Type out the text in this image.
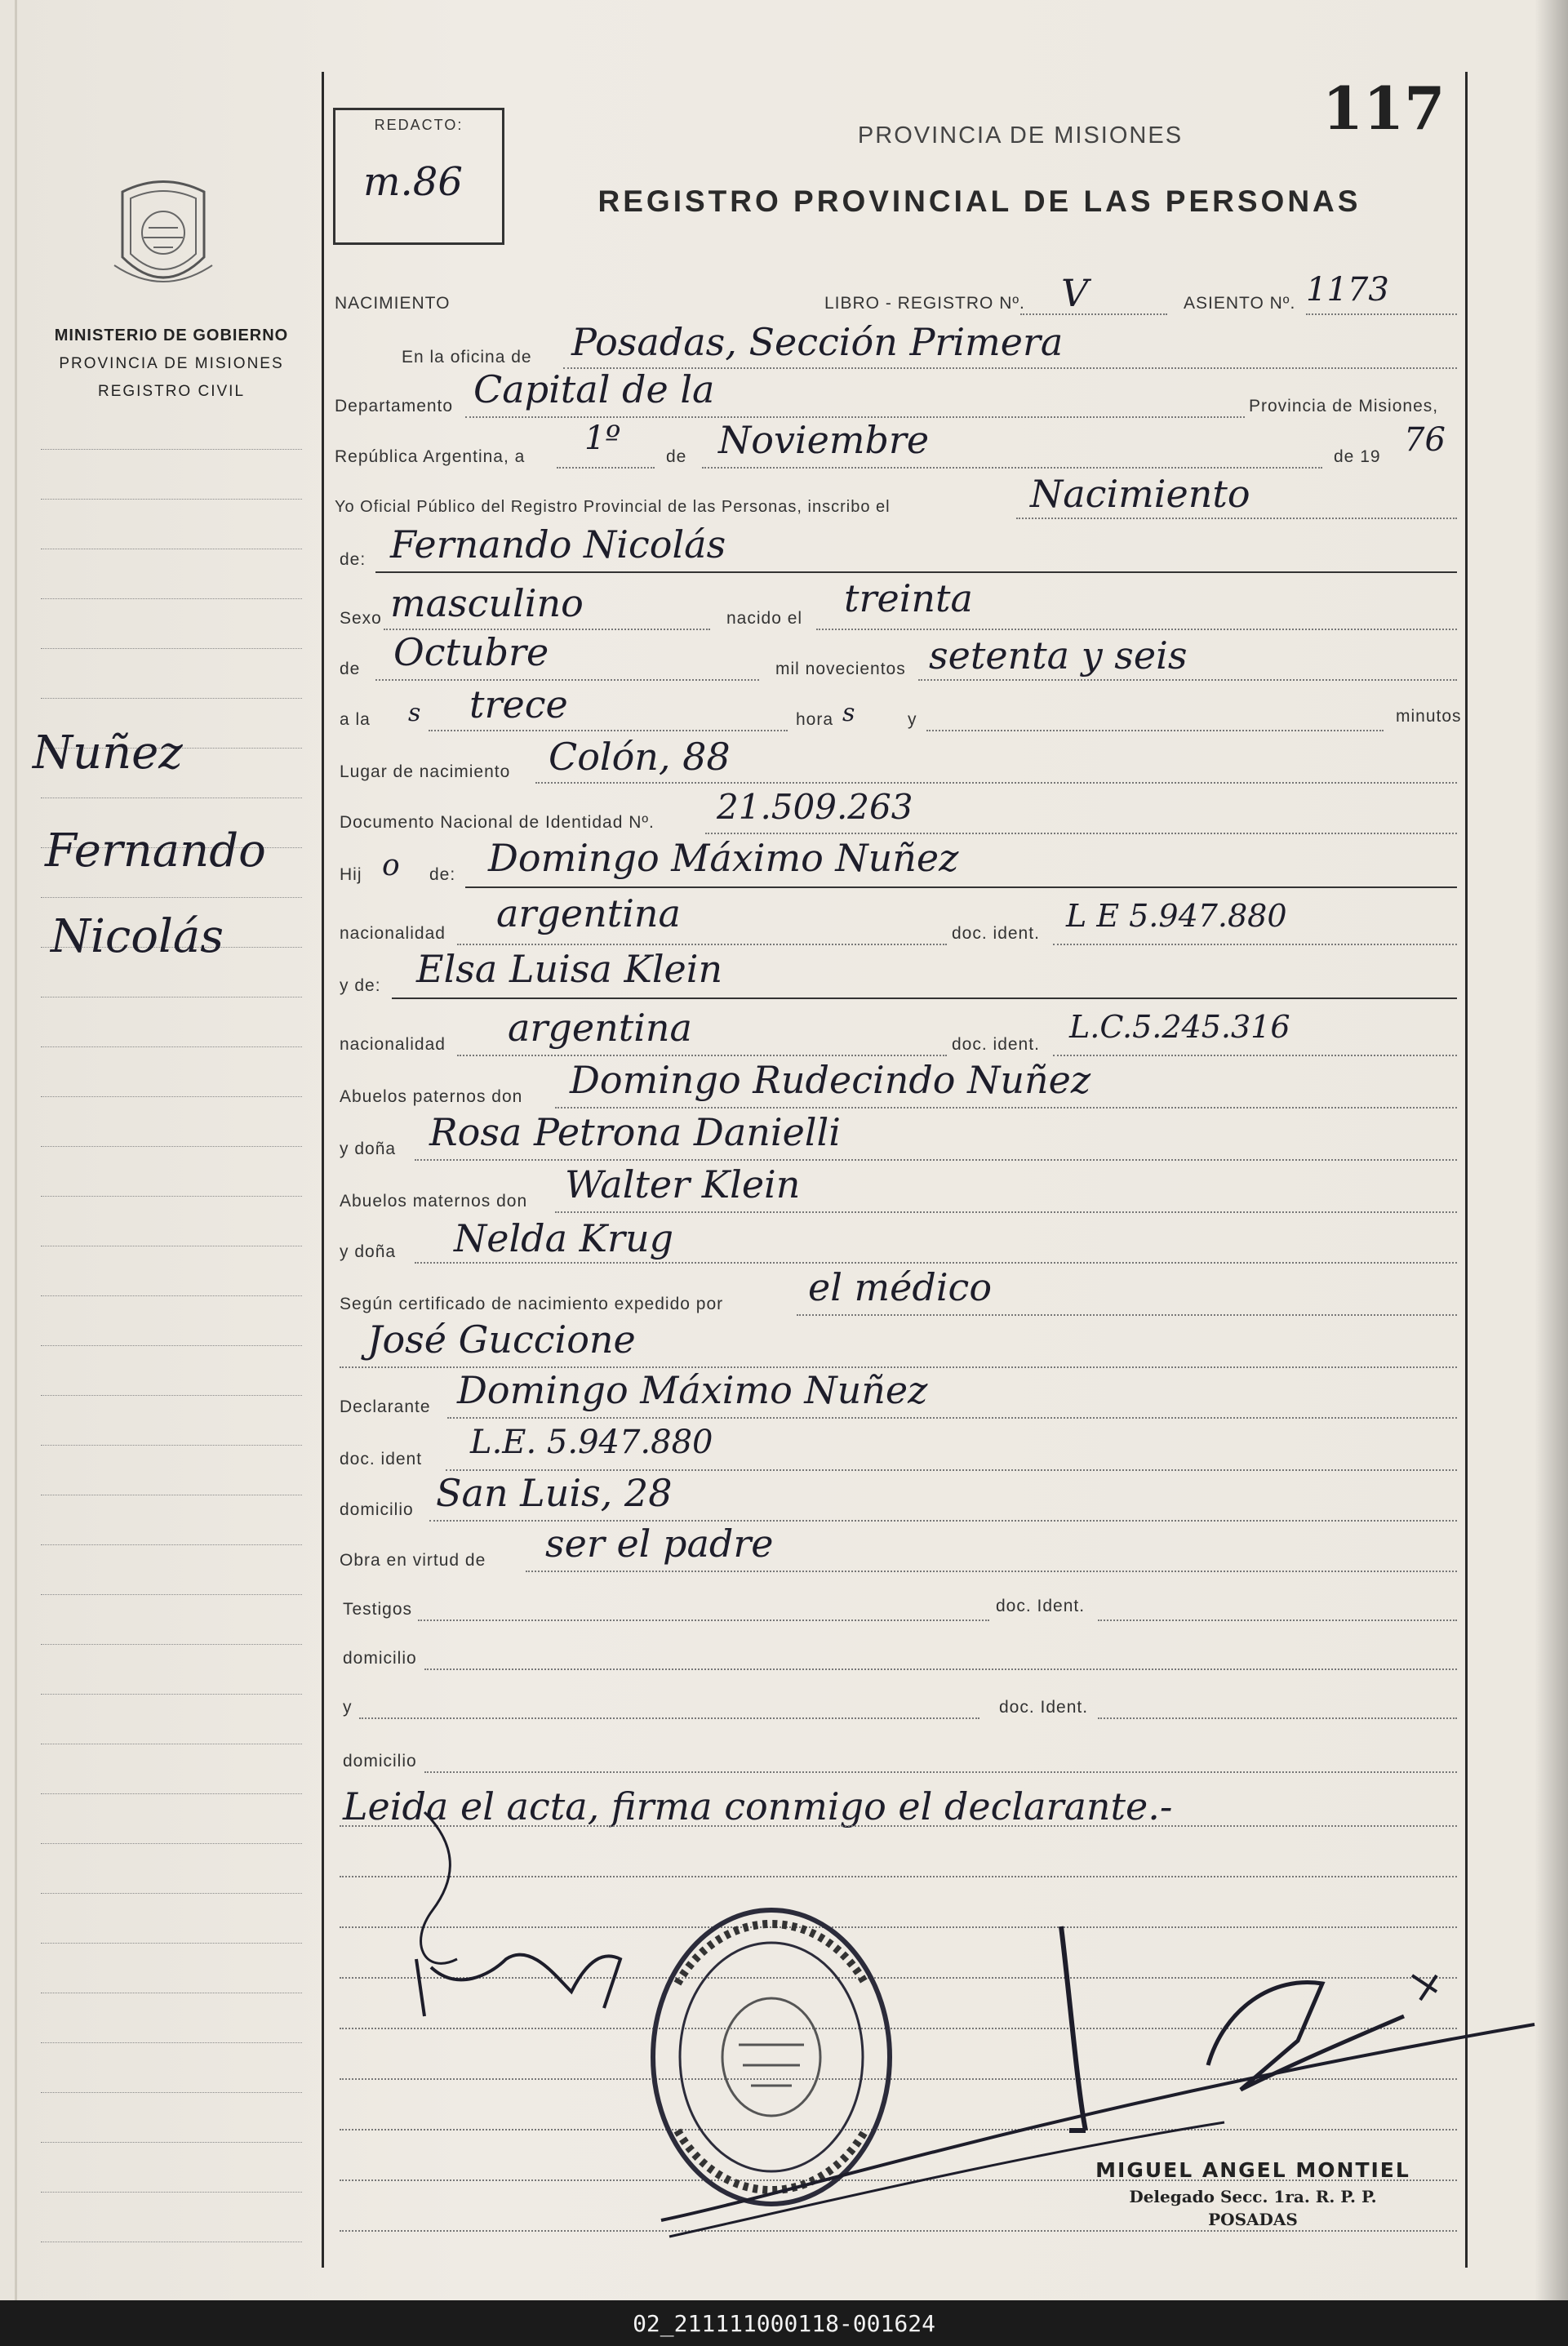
MINISTERIO DE GOBIERNO
PROVINCIA DE MISIONES
REGISTRO CIVIL
Nuñez
Fernando
Nicolás
117
REDACTO:
m.86
PROVINCIA DE MISIONES
REGISTRO PROVINCIAL DE LAS PERSONAS
NACIMIENTO	LIBRO - REGISTRO Nº. V	ASIENTO Nº. 1173
En la oficina de Posadas, Sección Primera
Departamento Capital de la	Provincia de Misiones,
República Argentina, a 1º	de Noviembre	de 19 76
Yo Oficial Público del Registro Provincial de las Personas, inscribo el	Nacimiento
de: Fernando Nicolás
Sexo masculino	nacido el treinta
de Octubre	mil novecientos setenta y seis
a la s trece	hora s	y	minutos
Lugar de nacimiento Colón, 88
Documento Nacional de Identidad Nº. 21.509.263
Hij o de: Domingo Máximo Nuñez
nacionalidad argentina	doc. ident. L E 5.947.880
y de: Elsa Luisa Klein
nacionalidad argentina	doc. ident. L.C.5.245.316
Abuelos paternos don Domingo Rudecindo Nuñez
y doña Rosa Petrona Danielli
Abuelos maternos don Walter Klein
y doña Nelda Krug
Según certificado de nacimiento expedido por el médico
José Guccione
Declarante Domingo Máximo Nuñez
doc. ident L.E. 5.947.880
domicilio San Luis, 28
Obra en virtud de ser el padre
Testigos	doc. Ident.
domicilio
y	doc. Ident.
domicilio
Leida el acta, firma conmigo el declarante.-
MIGUEL ANGEL MONTIEL
Delegado Secc. 1ra. R. P. P.
POSADAS
02_211111000118-001624
